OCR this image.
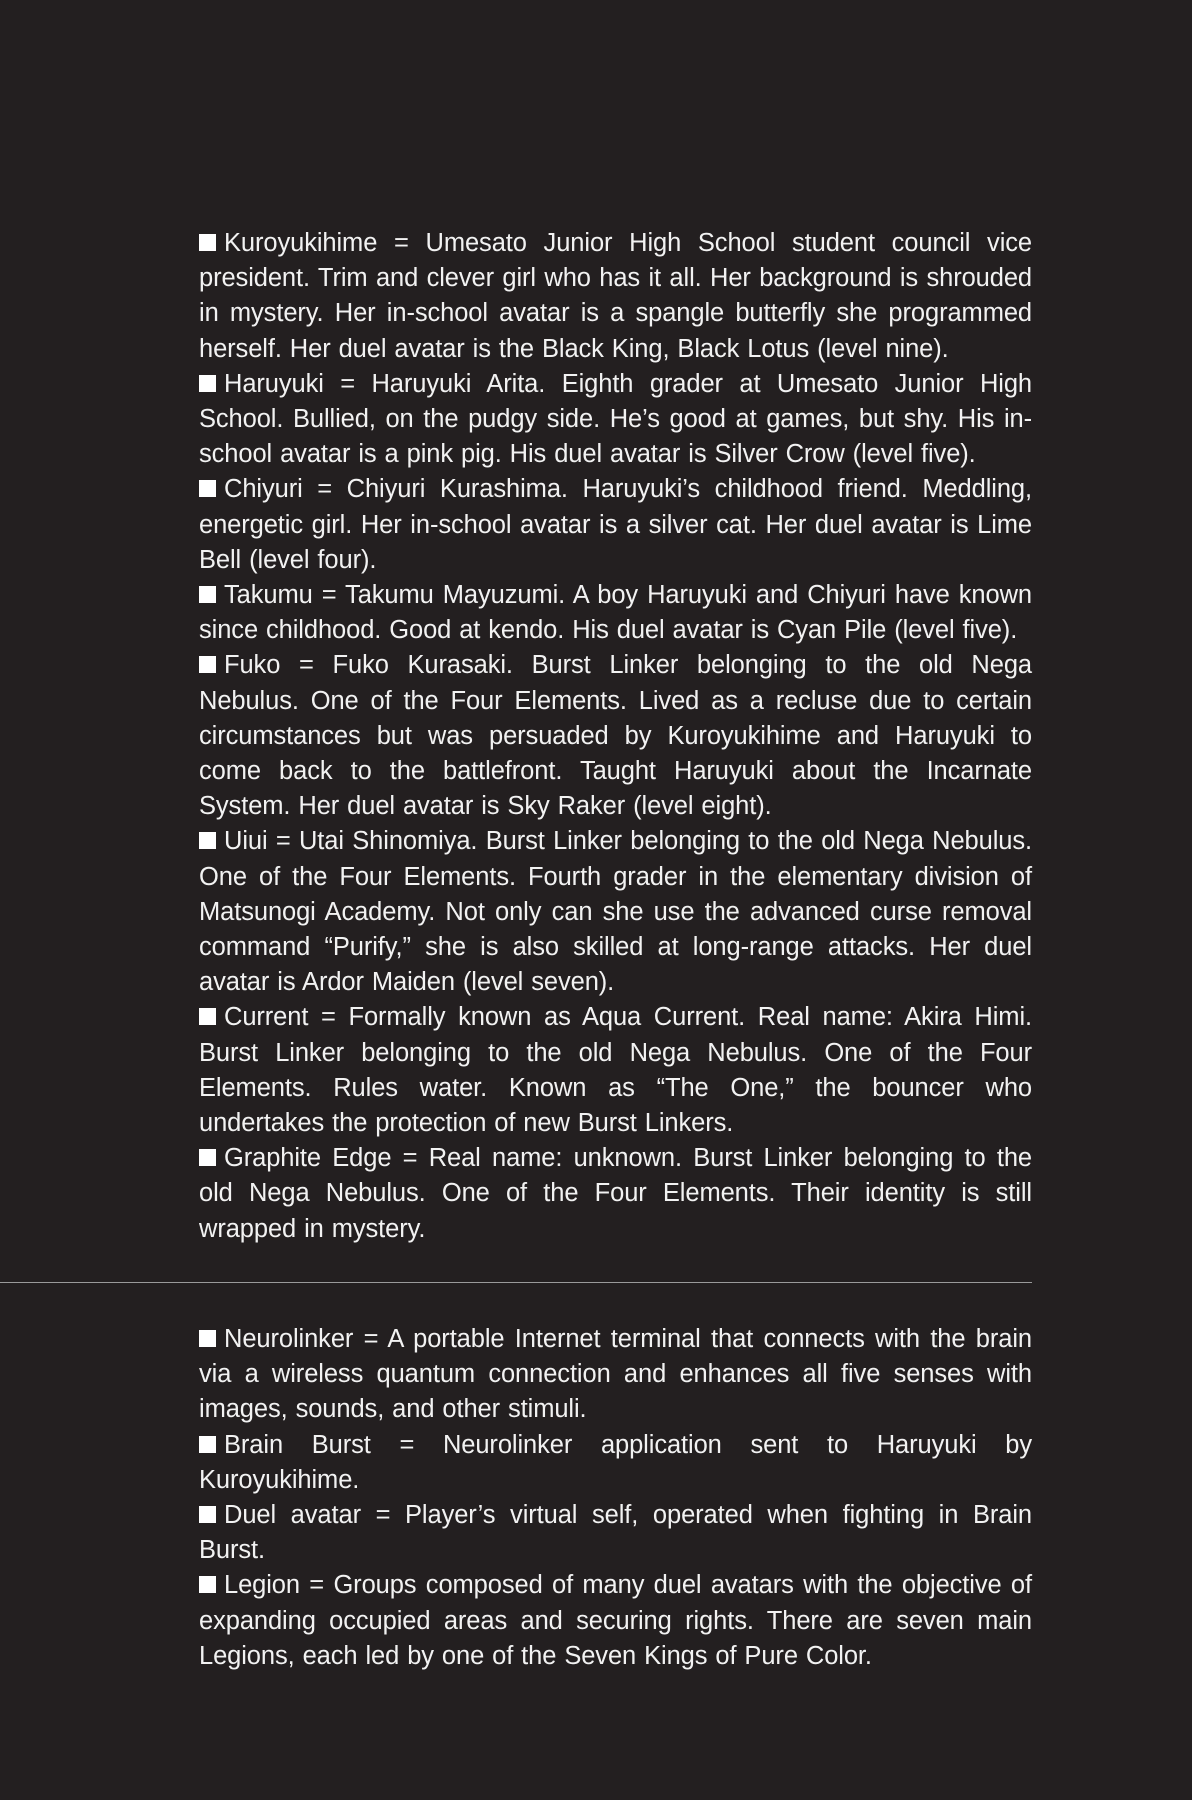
Kuroyukihime = Umesato Junior High School student council vice president. Trim and clever girl who has it all. Her background is shrouded in mystery. Her in-school avatar is a spangle butterfly she programmed herself. Her duel avatar is the Black King, Black Lotus (level nine).

Haruyuki = Haruyuki Arita. Eighth grader at Umesato Junior High School. Bullied, on the pudgy side. He’s good at games, but shy. His in-school avatar is a pink pig. His duel avatar is Silver Crow (level five).

Chiyuri = Chiyuri Kurashima. Haruyuki’s childhood friend. Meddling, energetic girl. Her in-school avatar is a silver cat. Her duel avatar is Lime Bell (level four).

Takumu = Takumu Mayuzumi. A boy Haruyuki and Chiyuri have known since childhood. Good at kendo. His duel avatar is Cyan Pile (level five).

Fuko = Fuko Kurasaki. Burst Linker belonging to the old Nega Nebulus. One of the Four Elements. Lived as a recluse due to certain circumstances but was persuaded by Kuroyukihime and Haruyuki to come back to the battlefront. Taught Haruyuki about the Incarnate System. Her duel avatar is Sky Raker (level eight).

Uiui = Utai Shinomiya. Burst Linker belonging to the old Nega Nebulus. One of the Four Elements. Fourth grader in the elementary division of Matsunogi Academy. Not only can she use the advanced curse removal command “Purify,” she is also skilled at long-range attacks. Her duel avatar is Ardor Maiden (level seven).

Current = Formally known as Aqua Current. Real name: Akira Himi. Burst Linker belonging to the old Nega Nebulus. One of the Four Elements. Rules water. Known as “The One,” the bouncer who undertakes the protection of new Burst Linkers.

Graphite Edge = Real name: unknown. Burst Linker belonging to the old Nega Nebulus. One of the Four Elements. Their identity is still wrapped in mystery.

Neurolinker = A portable Internet terminal that connects with the brain via a wireless quantum connection and enhances all five senses with images, sounds, and other stimuli.

Brain Burst = Neurolinker application sent to Haruyuki by Kuroyukihime.

Duel avatar = Player’s virtual self, operated when fighting in Brain Burst.

Legion = Groups composed of many duel avatars with the objective of expanding occupied areas and securing rights. There are seven main Legions, each led by one of the Seven Kings of Pure Color.
